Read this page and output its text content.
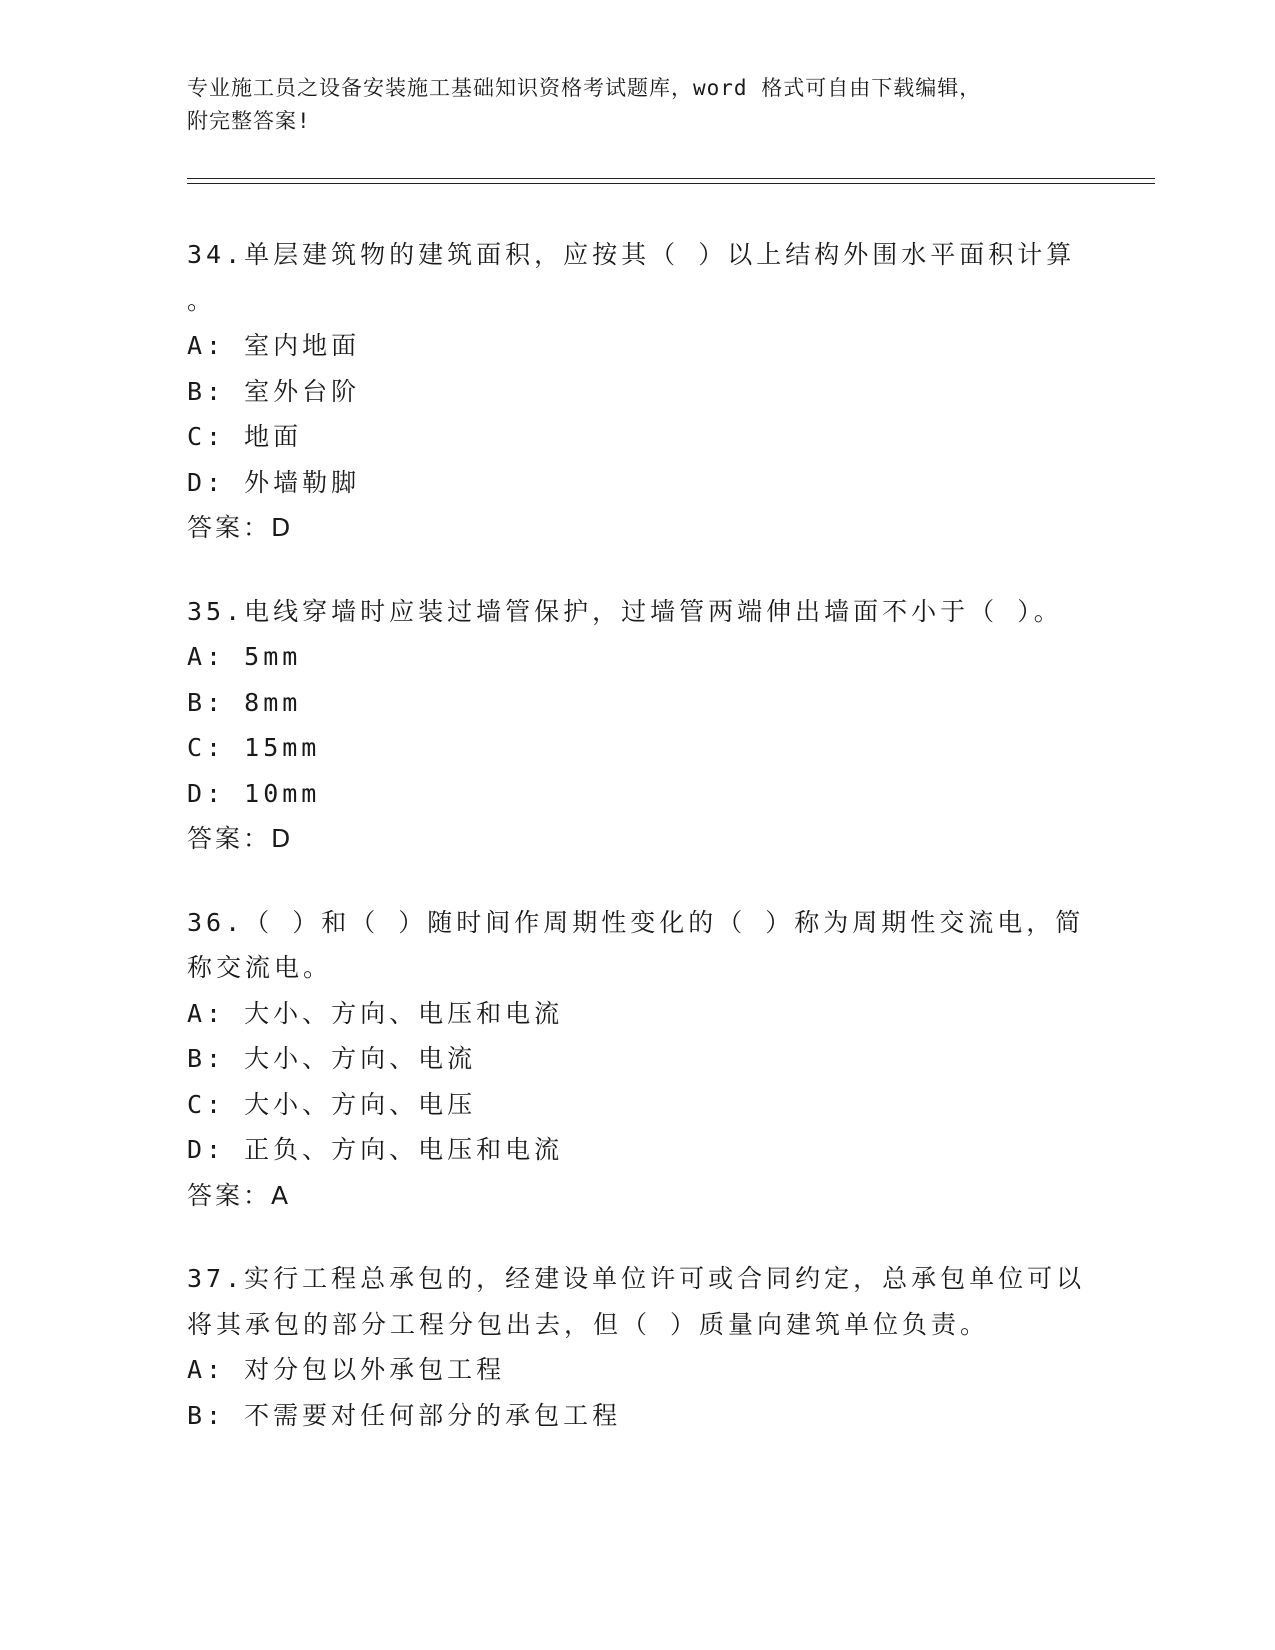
专业施工员之设备安装施工基础知识资格考试题库，word 格式可自由下载编辑，
附完整答案!

34.单层建筑物的建筑面积，应按其（ ）以上结构外围水平面积计算

。

A: 室内地面

B: 室外台阶

C: 地面

D: 外墙勒脚

答案：D

35.电线穿墙时应装过墙管保护，过墙管两端伸出墙面不小于（ ）。

A: 5mm

B: 8mm

C: 15mm

D: 10mm

答案：D

36.（ ）和（ ）随时间作周期性变化的（ ）称为周期性交流电，简

称交流电。

A: 大小、方向、电压和电流

B: 大小、方向、电流

C: 大小、方向、电压

D: 正负、方向、电压和电流

答案：A

37.实行工程总承包的，经建设单位许可或合同约定，总承包单位可以

将其承包的部分工程分包出去，但（ ）质量向建筑单位负责。

A: 对分包以外承包工程

B: 不需要对任何部分的承包工程
